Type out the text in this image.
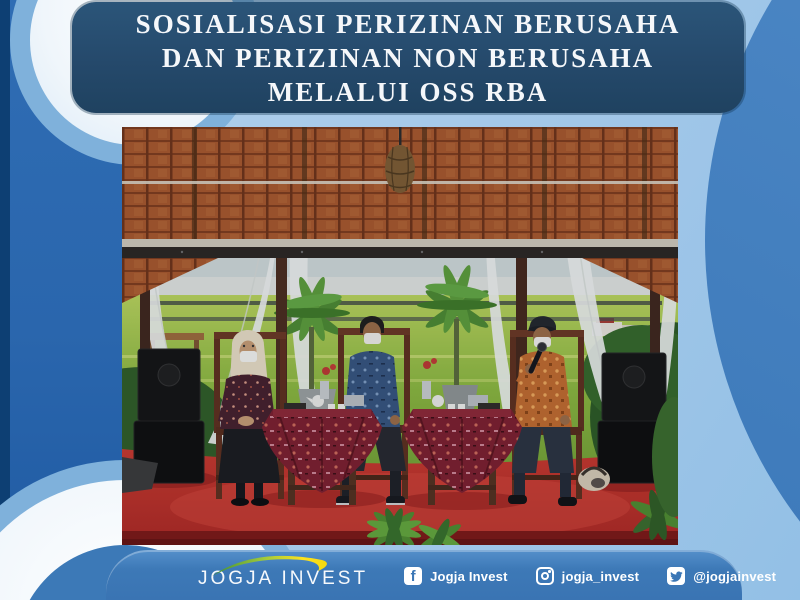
SOSIALISASI PERIZINAN BERUSAHA
DAN PERIZINAN NON BERUSAHA
MELALUI OSS RBA
JOGJA INVEST	f Jogja Invest	jogja_invest	@jogjainvest
